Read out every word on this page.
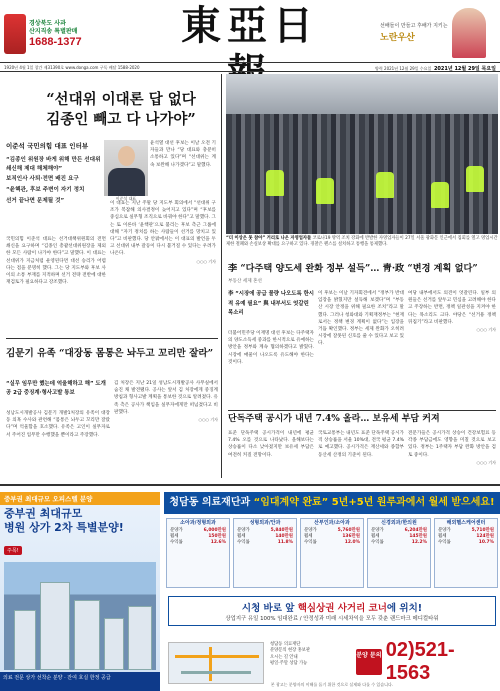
경상북도 사과
산지직송 특별판매
1688-1377	東亞日	선배들이 만들고 후배가 지키는
노란우산
1920년 4월 1일 창간 제31390호 www.donga.com 구독 배달 1588-2020	양력 2021년 12월 29일 수요일 2021년 12월 29일 목요일
“선대위 이대론 답 없다
김종인 빼고 다 나가야”
이준석 국민의힘 대표 인터뷰

“김종인 위원장 바게 위해 만든 선대위 쇄신해 제대 해체해야”

보직인사 사퇴·전면 배진 요구

“윤핵관, 후보 주변이 자기 정치

선거 끝나면 문제될 것”	이준석 대표
윤석열 대선 후보는 이날 오전 기자들과 만나 “당 대표와 충분히 소통하고 있다”며 “선대위는 계속 보완해 나가겠다”고 말했다.
국민의힘 이준석 대표는 선거대책위원회의 전면 쇄신을 요구하며 “김종인 총괄선대위원장을 제외한 모든 사람이 나가야 한다”고 말했다. 이 대표는 선대위가 지금처럼 운영된다면 대선 승리가 어렵다는 점을 분명히 했다. 그는 당 지도부와 후보 사이의 소통 부재를 지적하며 선거 전략 전반에 대한 재검토가 필요하다고 강조했다.
이 대표는 지난 주말 당 지도부 회의에서 “선대위 구조가 복잡해 의사결정이 늦어지고 있다”며 “후보를 중심으로 실무형 조직으로 바꿔야 한다”고 말했다. 그는 또 이른바 ‘윤핵관’으로 불리는 후보 측근 그룹에 대해 “자기 정치를 하는 사람들이 선거를 망치고 있다”고 비판했다. 당 안팎에서는 이 대표의 발언을 두고 선대위 내부 갈등이 다시 불거질 수 있다는 우려가 나온다.
○○○ 기자
김문기 유족 “대장동 몸통은 놔두고 꼬리만 잘라”
“실무 임무만 했는데 억울해하고 해” 도개공 2급 중징계·형사고발 통보
성남도시개발공사 김문기 개발1처장의 유족이 대장동 의혹 수사와 관련해 “몸통은 놔두고 꼬리만 잘랐다”며 억울함을 호소했다. 유족은 고인이 실무자로서 주어진 업무만 수행했을 뿐이라고 주장했다.
김 처장은 지난 21일 성남도시개발공사 사무실에서 숨진 채 발견됐다. 공사는 앞서 김 처장에게 중징계 방침과 형사고발 계획을 통보한 것으로 알려졌다. 유족 측은 공사가 책임을 실무자에게만 떠넘겼다고 비판했다.
○○○ 기자
“더 이상은 못 참아” 거리로 나온 자영업자들 코로나19 방역 조치 강화에 반발한 자영업자들이 27일 서울 광화문 인근에서 집회를 열고 영업시간 제한 철폐와 손실보상 확대를 요구하고 있다. 경찰은 펜스를 설치하고 통행을 통제했다.
李 “다주택 양도세 완화 정부 설득”… 靑·政 “변경 계획 없다”
부동산 세제 혼선
李 “시장에 공급 물량 나오도록 한시적 유예 필요” 與 내부서도 엇갈린 목소리
더불어민주당 이재명 대선 후보는 다주택자의 양도소득세 중과를 한시적으로 유예하는 방안을 정부와 계속 협의하겠다고 밝혔다. 시장에 매물이 나오도록 유도해야 한다는 것이다.
이 후보는 이날 기자회견에서 “정부가 반대 입장을 밝혔지만 설득해 보겠다”며 “부동산 시장 안정을 위해 필요한 조치”라고 말했다. 그러나 청와대와 기획재정부는 “현재로서는 정책 변경 계획이 없다”는 입장을 거듭 확인했다. 정부는 세제 완화가 오히려 시장에 잘못된 신호를 줄 수 있다고 보고 있다.
여당 내부에서도 의견이 엇갈린다. 일부 의원들은 선거를 앞두고 민심을 고려해야 한다고 주장하는 반면, 정책 일관성을 지켜야 한다는 목소리도 크다. 야당은 “선거용 정책 뒤집기”라고 비판했다.
○○○ 기자
단독주택 공시가 내년 7.4% 올라… 보유세 부담 커져
표준 단독주택 공시가격이 내년에 평균 7.4% 오를 것으로 나타났다. 올해보다는 상승률이 다소 낮아졌지만 보유세 부담은 여전히 커질 전망이다.
국토교통부는 내년도 표준 단독주택 공시가격 상승률을 서울 10%대, 전국 평균 7.4%로 예고했다. 공시가격은 재산세와 종합부동산세 산정의 기준이 된다.
전문가들은 공시가격 상승이 건강보험료 등 각종 부담금에도 영향을 미칠 것으로 보고 있다. 정부는 1주택자 부담 완화 방안을 검토 중이다.
○○○ 기자
중부권 최대규모 오피스텔 분양
중부권 최대규모
병원 상가 2차 특별분양!
주목!
의료 전문 상가 선착순 분양 · 잔여 호실 한정 공급
청담동 의료재단과 “임대계약 완료” 5년+5년 원루과에서 월세 받으세요!
소아과/정형외과
분양가	6,000만원
월세	150만원
수익률	12.6%
성형외과/안과
분양가	5,840만원
월세	140만원
수익률	11.8%
산부인과/소아과
분양가	5,760만원
월세	136만원
수익률	12.0%
신경외과/한의원
분양가	6,204만원
월세	145만원
수익률	12.2%
해외헬스케어센터
분양가	5,710만원
월세	124만원
수익률	10.7%
시청 바로 앞 핵심상권 사거리 코너에 위치!
상업지구 유일 100% 임대완료 / 안정성과 미래 시세차익을 모두 갖춘 랜드마크 메디컬타워
청담동 의료재단
분양문의 현장 홍보관
오시는 길 안내
평일·주말 상담 가능
분양 문의 02)521-1563
본 광고는 분양자의 이해를 돕기 위한 것으로 실제와 다를 수 있습니다.
